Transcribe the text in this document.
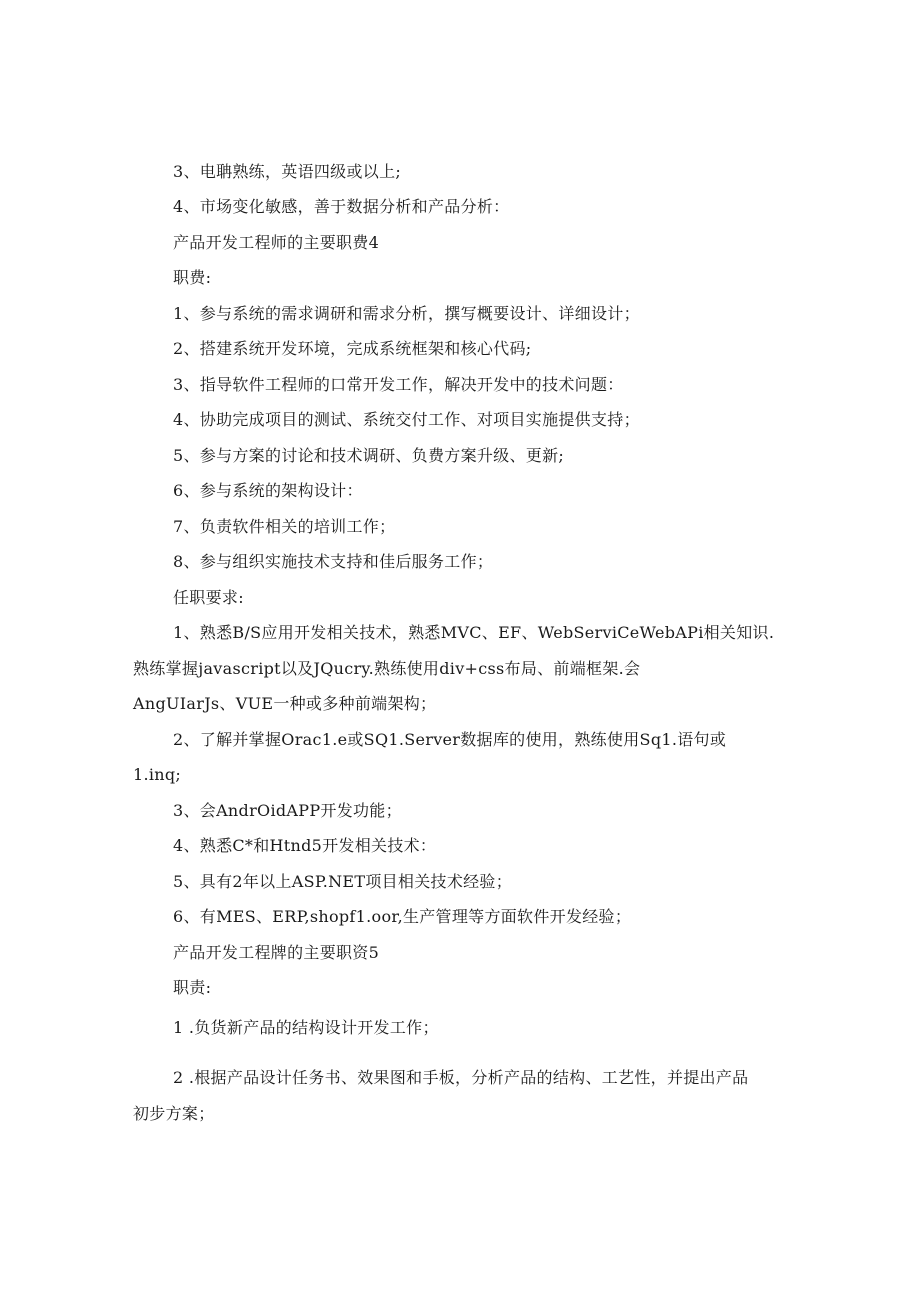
3、电聃熟练，英语四级或以上;
4、市场变化敏感，善于数据分析和产品分析：
产品开发工程师的主要职费4
职费:
1、参与系统的需求调研和需求分析，撰写概要设计、详细设计；
2、搭建系统开发环境，完成系统框架和核心代码;
3、指导软件工程师的口常开发工作，解决开发中的技术问题：
4、协助完成项目的测试、系统交付工作、对项目实施提供支持；
5、参与方案的讨论和技术调研、负费方案升级、更新;
6、参与系统的架构设计：
7、负责软件相关的培训工作；
8、参与组织实施技术支持和佳后服务工作；
任职要求:
1、熟悉B/S应用开发相关技术，熟悉MVC、EF、WebServiCeWebAPi相关知识.
熟练掌握javascript以及JQucry.熟练使用div+css布局、前端框架.会
AngUIarJs、VUE一种或多种前端架构；
2、了解并掌握Orac1.e或SQ1.Server数据库的使用，熟练使用Sq1.语句或
1.inq;
3、会AndrOidAPP开发功能；
4、熟悉C*和Htnd5开发相关技术：
5、具有2年以上ASP.NET项目相关技术经验；
6、有MES、ERP,shopf1.oor,生产管理等方面软件开发经验；
产品开发工程牌的主要职资5
职责:
1 .负货新产品的结构设计开发工作；
2 .根据产品设计任务书、效果图和手板，分析产品的结构、工艺性，并提出产品
初步方案；
